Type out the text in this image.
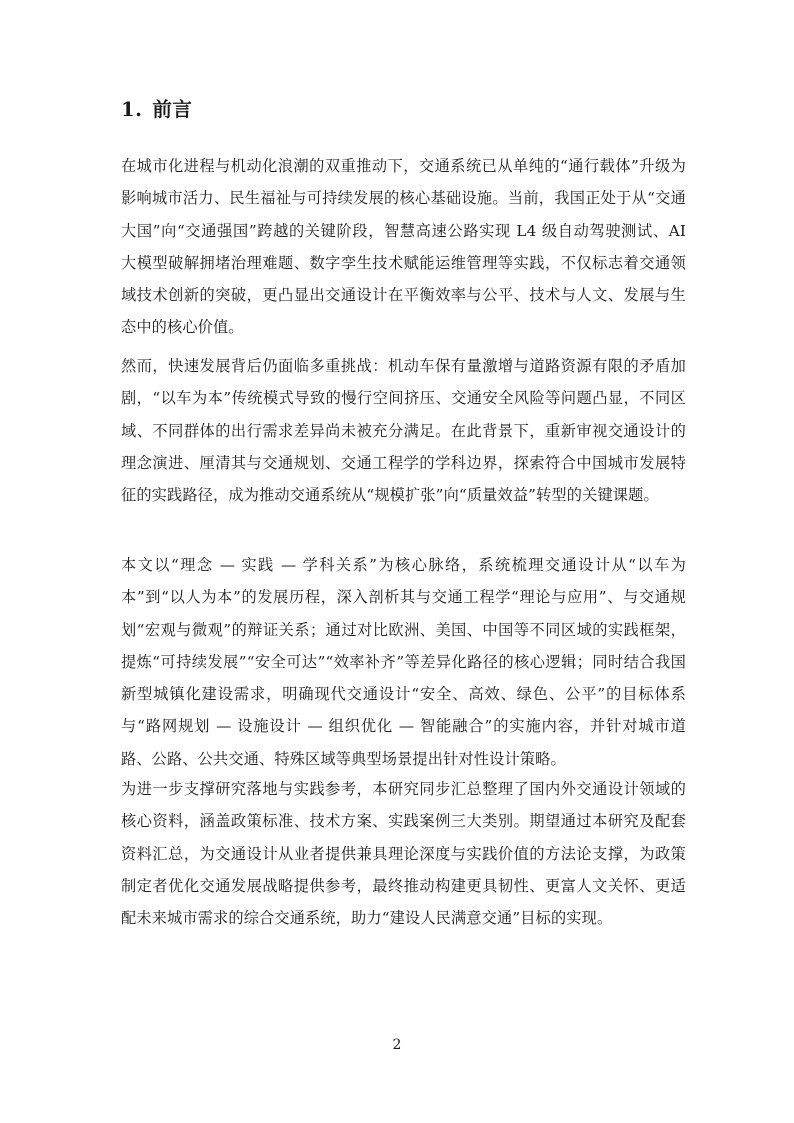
1. 前言

在城市化进程与机动化浪潮的双重推动下，交通系统已从单纯的“通行载体”升级为影响城市活力、民生福祉与可持续发展的核心基础设施。当前，我国正处于从“交通大国”向“交通强国”跨越的关键阶段，智慧高速公路实现 L4 级自动驾驶测试、AI 大模型破解拥堵治理难题、数字孪生技术赋能运维管理等实践，不仅标志着交通领域技术创新的突破，更凸显出交通设计在平衡效率与公平、技术与人文、发展与生态中的核心价值。

然而，快速发展背后仍面临多重挑战：机动车保有量激增与道路资源有限的矛盾加剧，“以车为本”传统模式导致的慢行空间挤压、交通安全风险等问题凸显，不同区域、不同群体的出行需求差异尚未被充分满足。在此背景下，重新审视交通设计的理念演进、厘清其与交通规划、交通工程学的学科边界，探索符合中国城市发展特征的实践路径，成为推动交通系统从“规模扩张”向“质量效益”转型的关键课题。

本文以“理念 — 实践 — 学科关系”为核心脉络，系统梳理交通设计从“以车为本”到“以人为本”的发展历程，深入剖析其与交通工程学“理论与应用”、与交通规划“宏观与微观”的辩证关系；通过对比欧洲、美国、中国等不同区域的实践框架，提炼“可持续发展”“安全可达”“效率补齐”等差异化路径的核心逻辑；同时结合我国新型城镇化建设需求，明确现代交通设计“安全、高效、绿色、公平”的目标体系与“路网规划 — 设施设计 — 组织优化 — 智能融合”的实施内容，并针对城市道路、公路、公共交通、特殊区域等典型场景提出针对性设计策略。

为进一步支撑研究落地与实践参考，本研究同步汇总整理了国内外交通设计领域的核心资料，涵盖政策标准、技术方案、实践案例三大类别。期望通过本研究及配套资料汇总，为交通设计从业者提供兼具理论深度与实践价值的方法论支撑，为政策制定者优化交通发展战略提供参考，最终推动构建更具韧性、更富人文关怀、更适配未来城市需求的综合交通系统，助力“建设人民满意交通”目标的实现。

2
